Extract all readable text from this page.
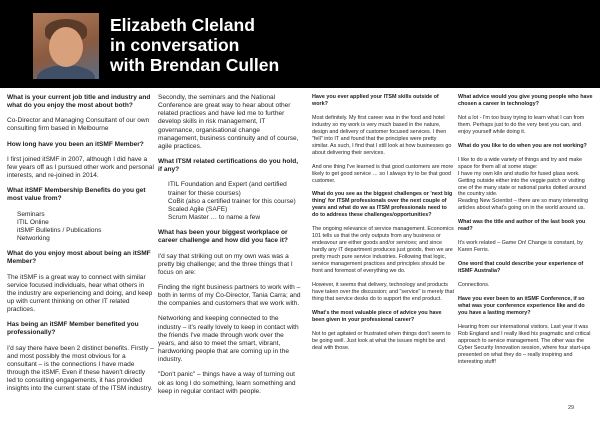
Elizabeth Cleland
in conversation
with Brendan Cullen

What is your current job title and industry and what do you enjoy the most about both?

Co-Director and Managing Consultant of our own consulting firm based in Melbourne

How long have you been an itSMF Member?

I first joined itSMF in 2007, although I did have a few years off as I pursued other work and personal interests, and re-joined in 2014.

What itSMF Membership Benefits do you get most value from?

Seminars
ITIL Online
itSMF Bulletins / Publications
Networking

What do you enjoy most about being an itSMF Member?

The itSMF is a great way to connect with similar service focused individuals, hear what others in the industry are experiencing and doing, and keep up with current thinking on other IT related practices.

Has being an itSMF Member benefited you professionally?

I'd say there have been 2 distinct benefits. Firstly – and most possibly the most obvious for a consultant – is the connections I have made through the itSMF. Even if these haven't directly led to consulting engagements, it has provided insights into the current state of the ITSM industry.

Secondly, the seminars and the National Conference are great way to hear about other related practices and have led me to further develop skills in risk management, IT governance, organisational change management, business continuity and of course, agile practices.

What ITSM related certifications do you hold, if any?

ITIL Foundation and Expert (and certified trainer for these courses)
CoBit (also a certified trainer for this course)
Scaled Agile (SAFE)
Scrum Master … to name a few

What has been your biggest workplace or career challenge and how did you face it?

I'd say that striking out on my own was was a pretty big challenge; and the three things that I focus on are:

Finding the right business partners to work with – both in terms of my Co-Director, Tania Carra; and the companies and customers that we work with.

Networking and keeping connected to the industry – it's really lovely to keep in contact with the friends I've made through work over the years, and also to meet the smart, vibrant, hardworking people that are coming up in the industry.

"Don't panic" – things have a way of turning out ok as long I do something, learn something and keep in regular contact with people.

Have you ever applied your ITSM skills outside of work?

Most definitely. My first career was in the food and hotel industry so my work is very much based in the nature, design and delivery of customer focused services. I then "fell" into IT and found that the principles were pretty similar. As such, I find that I still look at how businesses go about delivering their services.

And one thing I've learned is that good customers are more likely to get good service … so I always try to be that good customer.

What do you see as the biggest challenges or 'next big thing' for ITSM professionals over the next couple of years and what do we as ITSM professionals need to do to address these challenges/opportunities?

The ongoing relevance of service management. Economics 101 tells us that the only outputs from any business or endeavour are either goods and/or services; and since hardly any IT department produces just goods, then we are pretty much pure service industries. Following that logic, service management practices and principles should be front and foremost of everything we do.

However, it seems that delivery, technology and products have taken over the discussion; and "service" is merely that thing that service desks do to support the end product.

What's the most valuable piece of advice you have been given in your professional career?

Not to get agitated or frustrated when things don't seem to be going well. Just look at what the issues might be and deal with those.

What advice would you give young people who have chosen a career in technology?

Not a lot - I'm too busy trying to learn what I can from them. Perhaps just to do the very best you can, and enjoy yourself while doing it.

What do you like to do when you are not working?

I like to do a wide variety of things and try and make space for them all at some stage:
I have my own kiln and studio for fused glass work.
Getting outside either into the veggie patch or visiting one of the many state or national parks dotted around the country side.
Reading New Scientist – there are so many interesting articles about what's going on in the world around us.

What was the title and author of the last book you read?

It's work related – Game On! Change is constant, by Karen Ferris.

One word that could describe your experience of itSMF Australia?

Connections.

Have you ever been to an itSMF Conference, if so what was your conference experience like and do you have a lasting memory?

Hearing from our international visitors. Last year it was Rob England and I really liked his pragmatic and critical approach to service management. The other was the Cyber Security Innovation session, where four start-ups presented on what they do – really inspiring and interesting stuff!

29
